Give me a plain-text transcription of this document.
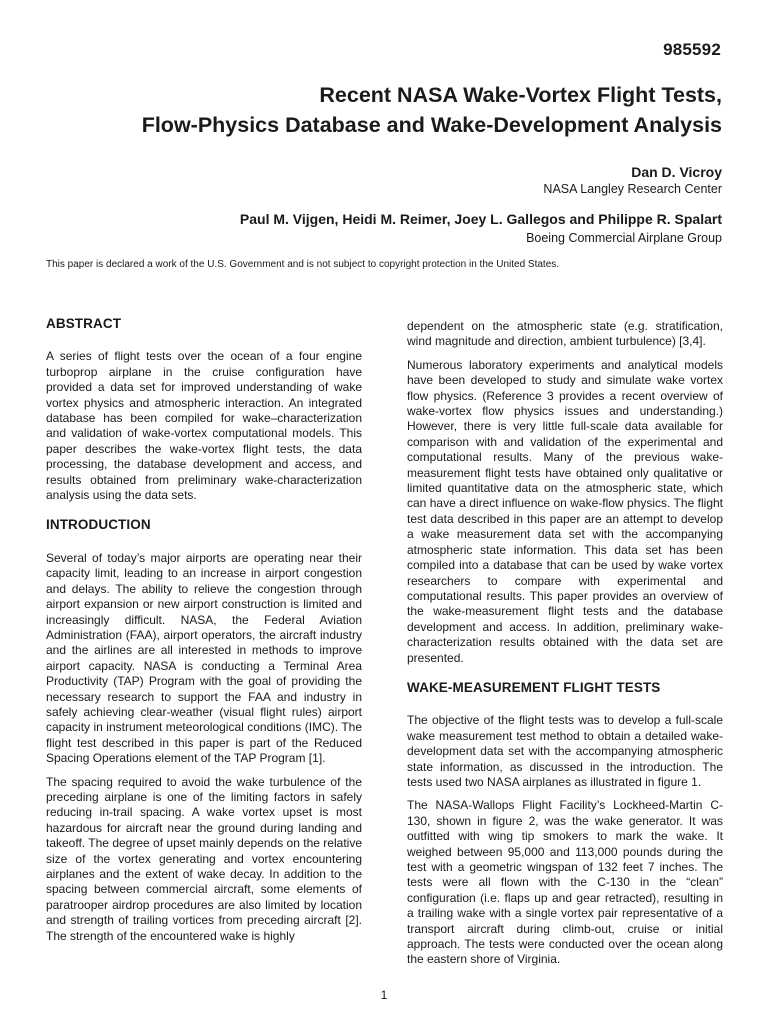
985592
Recent NASA Wake-Vortex Flight Tests,
Flow-Physics Database and Wake-Development Analysis
Dan D. Vicroy
NASA Langley Research Center
Paul M. Vijgen, Heidi M. Reimer, Joey L. Gallegos and Philippe R. Spalart
Boeing Commercial Airplane Group
This paper is declared a work of the U.S. Government and is not subject to copyright protection in the United States.
ABSTRACT

A series of flight tests over the ocean of a four engine turboprop airplane in the cruise configuration have provided a data set for improved understanding of wake vortex physics and atmospheric interaction. An integrated database has been compiled for wake–characterization and validation of wake-vortex computational models. This paper describes the wake-vortex flight tests, the data processing, the database development and access, and results obtained from preliminary wake-characterization analysis using the data sets.

INTRODUCTION

Several of today’s major airports are operating near their capacity limit, leading to an increase in airport congestion and delays. The ability to relieve the congestion through airport expansion or new airport construction is limited and increasingly difficult. NASA, the Federal Aviation Administration (FAA), airport operators, the aircraft industry and the airlines are all interested in methods to improve airport capacity. NASA is conducting a Terminal Area Productivity (TAP) Program with the goal of providing the necessary research to support the FAA and industry in safely achieving clear-weather (visual flight rules) airport capacity in instrument meteorological conditions (IMC). The flight test described in this paper is part of the Reduced Spacing Operations element of the TAP Program [1].

The spacing required to avoid the wake turbulence of the preceding airplane is one of the limiting factors in safely reducing in-trail spacing. A wake vortex upset is most hazardous for aircraft near the ground during landing and takeoff. The degree of upset mainly depends on the relative size of the vortex generating and vortex encountering airplanes and the extent of wake decay. In addition to the spacing between commercial aircraft, some elements of paratrooper airdrop procedures are also limited by location and strength of trailing vortices from preceding aircraft [2]. The strength of the encountered wake is highly

dependent on the atmospheric state (e.g. stratification, wind magnitude and direction, ambient turbulence) [3,4].

Numerous laboratory experiments and analytical models have been developed to study and simulate wake vortex flow physics. (Reference 3 provides a recent overview of wake-vortex flow physics issues and understanding.) However, there is very little full-scale data available for comparison with and validation of the experimental and computational results. Many of the previous wake-measurement flight tests have obtained only qualitative or limited quantitative data on the atmospheric state, which can have a direct influence on wake-flow physics. The flight test data described in this paper are an attempt to develop a wake measurement data set with the accompanying atmospheric state information. This data set has been compiled into a database that can be used by wake vortex researchers to compare with experimental and computational results. This paper provides an overview of the wake-measurement flight tests and the database development and access. In addition, preliminary wake-characterization results obtained with the data set are presented.

WAKE-MEASUREMENT FLIGHT TESTS

The objective of the flight tests was to develop a full-scale wake measurement test method to obtain a detailed wake-development data set with the accompanying atmospheric state information, as discussed in the introduction. The tests used two NASA airplanes as illustrated in figure 1.

The NASA-Wallops Flight Facility’s Lockheed-Martin C-130, shown in figure 2, was the wake generator. It was outfitted with wing tip smokers to mark the wake. It weighed between 95,000 and 113,000 pounds during the test with a geometric wingspan of 132 feet 7 inches. The tests were all flown with the C-130 in the “clean” configuration (i.e. flaps up and gear retracted), resulting in a trailing wake with a single vortex pair representative of a transport aircraft during climb-out, cruise or initial approach. The tests were conducted over the ocean along the eastern shore of Virginia.

1
